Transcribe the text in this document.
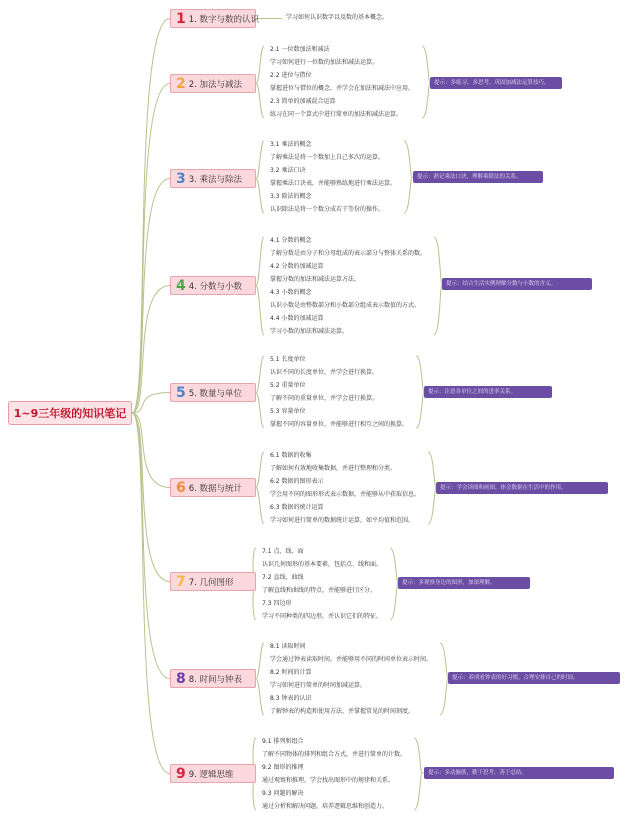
1~9三年级的知识笔记
1 1. 数字与数的认识	学习如何认识数字以及数的基本概念。
2 2. 加法与减法
2.1 一位数加法和减法
学习如何进行一位数的加法和减法运算。
2.2 进位与借位
掌握进位与借位的概念，并学会在加法和减法中应用。
2.3 简单的加减混合运算
练习在同一个算式中进行简单的加法和减法运算。
提示：多练习、多思考，巩固加减法运算技巧。
3 3. 乘法与除法
3.1 乘法的概念
了解乘法是将一个数加上自己多次的运算。
3.2 乘法口诀
掌握乘法口诀表，并能够熟练地进行乘法运算。
3.3 除法的概念
认识除法是将一个数分成若干等份的操作。
提示：熟记乘法口诀，理解乘除法的关系。
4 4. 分数与小数
4.1 分数的概念
了解分数是由分子和分母组成的表示部分与整体关系的数。
4.2 分数的加减运算
掌握分数的加法和减法运算方法。
4.3 小数的概念
认识小数是由整数部分和小数部分组成表示数值的方式。
4.4 小数的加减运算
学习小数的加法和减法运算。
提示：结合生活实例理解分数与小数的含义。
5 5. 数量与单位
5.1 长度单位
认识不同的长度单位，并学会进行换算。
5.2 重量单位
了解不同的重量单位，并学会进行换算。
5.3 容量单位
掌握不同的容量单位，并能够进行相互之间的换算。
提示：注意各单位之间的进率关系。
6 6. 数据与统计
6.1 数据的收集
了解如何有效地收集数据，并进行整理和分类。
6.2 数据的图形表示
学会用不同的图形形式表示数据，并能够从中获取信息。
6.3 数据的统计运算
学习如何进行简单的数据统计运算，如平均值和范围。
提示：学会读图和画图，体会数据在生活中的作用。
7 7. 几何图形
7.1 点、线、面
认识几何图形的基本要素，包括点、线和面。
7.2 直线、曲线
了解直线和曲线的特点，并能够进行区分。
7.3 四边形
学习不同种类的四边形，并认识它们的特征。
提示：多观察身边的图形，加深理解。
8 8. 时间与钟表
8.1 读取时间
学会通过钟表读取时间，并能够用不同的时间单位表示时间。
8.2 时间的计算
学习如何进行简单的时间加减运算。
8.3 钟表的认识
了解钟表的构造和使用方法，并掌握常见的时间刻度。
提示：养成看钟表的好习惯，合理安排自己的时间。
9 9. 逻辑思维
9.1 排列和组合
了解不同物体的排列和组合方式，并进行简单的计数。
9.2 图形的推理
通过观察和推理，学会找出图形中的规律和关系。
9.3 问题的解决
通过分析和解决问题，培养逻辑思维和创造力。
提示：多动脑筋，勤于思考，善于总结。
